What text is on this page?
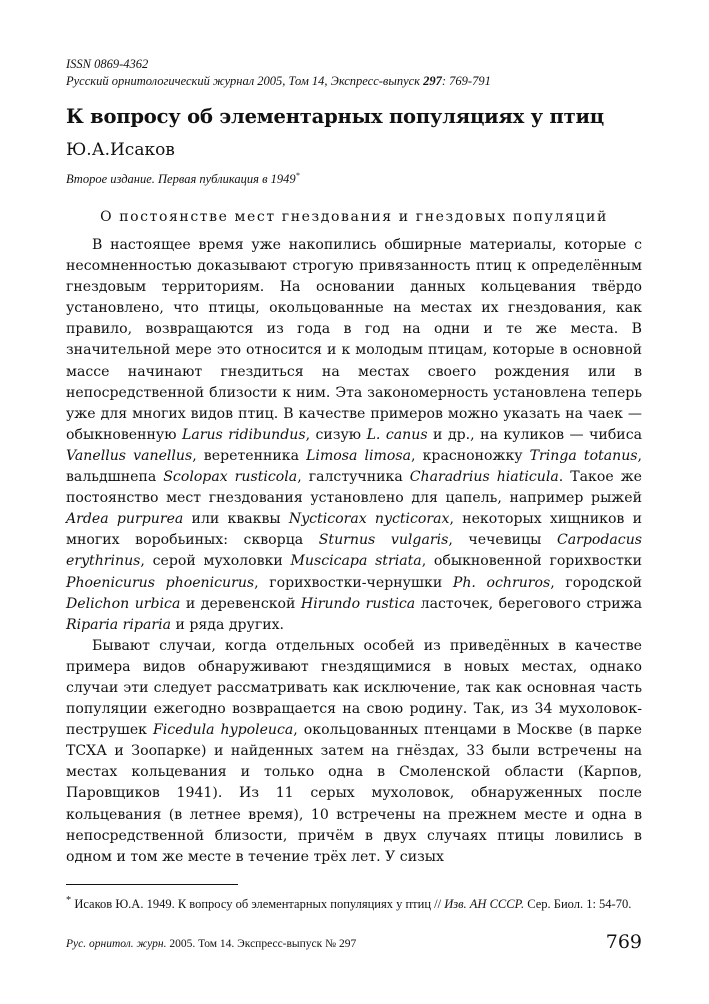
ISSN 0869-4362
Русский орнитологический журнал 2005, Том 14, Экспресс-выпуск 297: 769-791
К вопросу об элементарных популяциях у птиц
Ю.А.Исаков
Второе издание. Первая публикация в 1949*
О постоянстве мест гнездования и гнездовых популяций

В настоящее время уже накопились обширные материалы, которые с несомненностью доказывают строгую привязанность птиц к определённым гнездовым территориям. На основании данных кольцевания твёрдо установлено, что птицы, окольцованные на местах их гнездования, как правило, возвращаются из года в год на одни и те же места. В значительной мере это относится и к молодым птицам, которые в основной массе начинают гнездиться на местах своего рождения или в непосредственной близости к ним. Эта закономерность установлена теперь уже для многих видов птиц. В качестве примеров можно указать на чаек — обыкновенную Larus ridibundus, сизую L. canus и др., на куликов — чибиса Vanellus vanellus, веретенника Limosa limosa, красноножку Tringa totanus, вальдшнепа Scolopax rusticola, галстучника Charadrius hiaticula. Такое же постоянство мест гнездования установлено для цапель, например рыжей Ardea purpurea или кваквы Nycticorax nycticorax, некоторых хищников и многих воробьиных: скворца Sturnus vulgaris, чечевицы Carpodacus erythrinus, серой мухоловки Muscicapa striata, обыкновенной горихвостки Phoenicurus phoenicurus, горихвостки-чернушки Ph. ochruros, городской Delichon urbica и деревенской Hirundo rustica ласточек, берегового стрижа Riparia riparia и ряда других.

Бывают случаи, когда отдельных особей из приведённых в качестве примера видов обнаруживают гнездящимися в новых местах, однако случаи эти следует рассматривать как исключение, так как основная часть популяции ежегодно возвращается на свою родину. Так, из 34 мухоловок-пеструшек Ficedula hypoleuca, окольцованных птенцами в Москве (в парке ТСХА и Зоопарке) и найденных затем на гнёздах, 33 были встречены на местах кольцевания и только одна в Смоленской области (Карпов, Паровщиков 1941). Из 11 серых мухоловок, обнаруженных после кольцевания (в летнее время), 10 встречены на прежнем месте и одна в непосредственной близости, причём в двух случаях птицы ловились в одном и том же месте в течение трёх лет. У сизых

* Исаков Ю.А. 1949. К вопросу об элементарных популяциях у птиц // Изв. АН СССР. Сер. Биол. 1: 54-70.
Рус. орнитол. журн. 2005. Том 14. Экспресс-выпуск № 297	769
